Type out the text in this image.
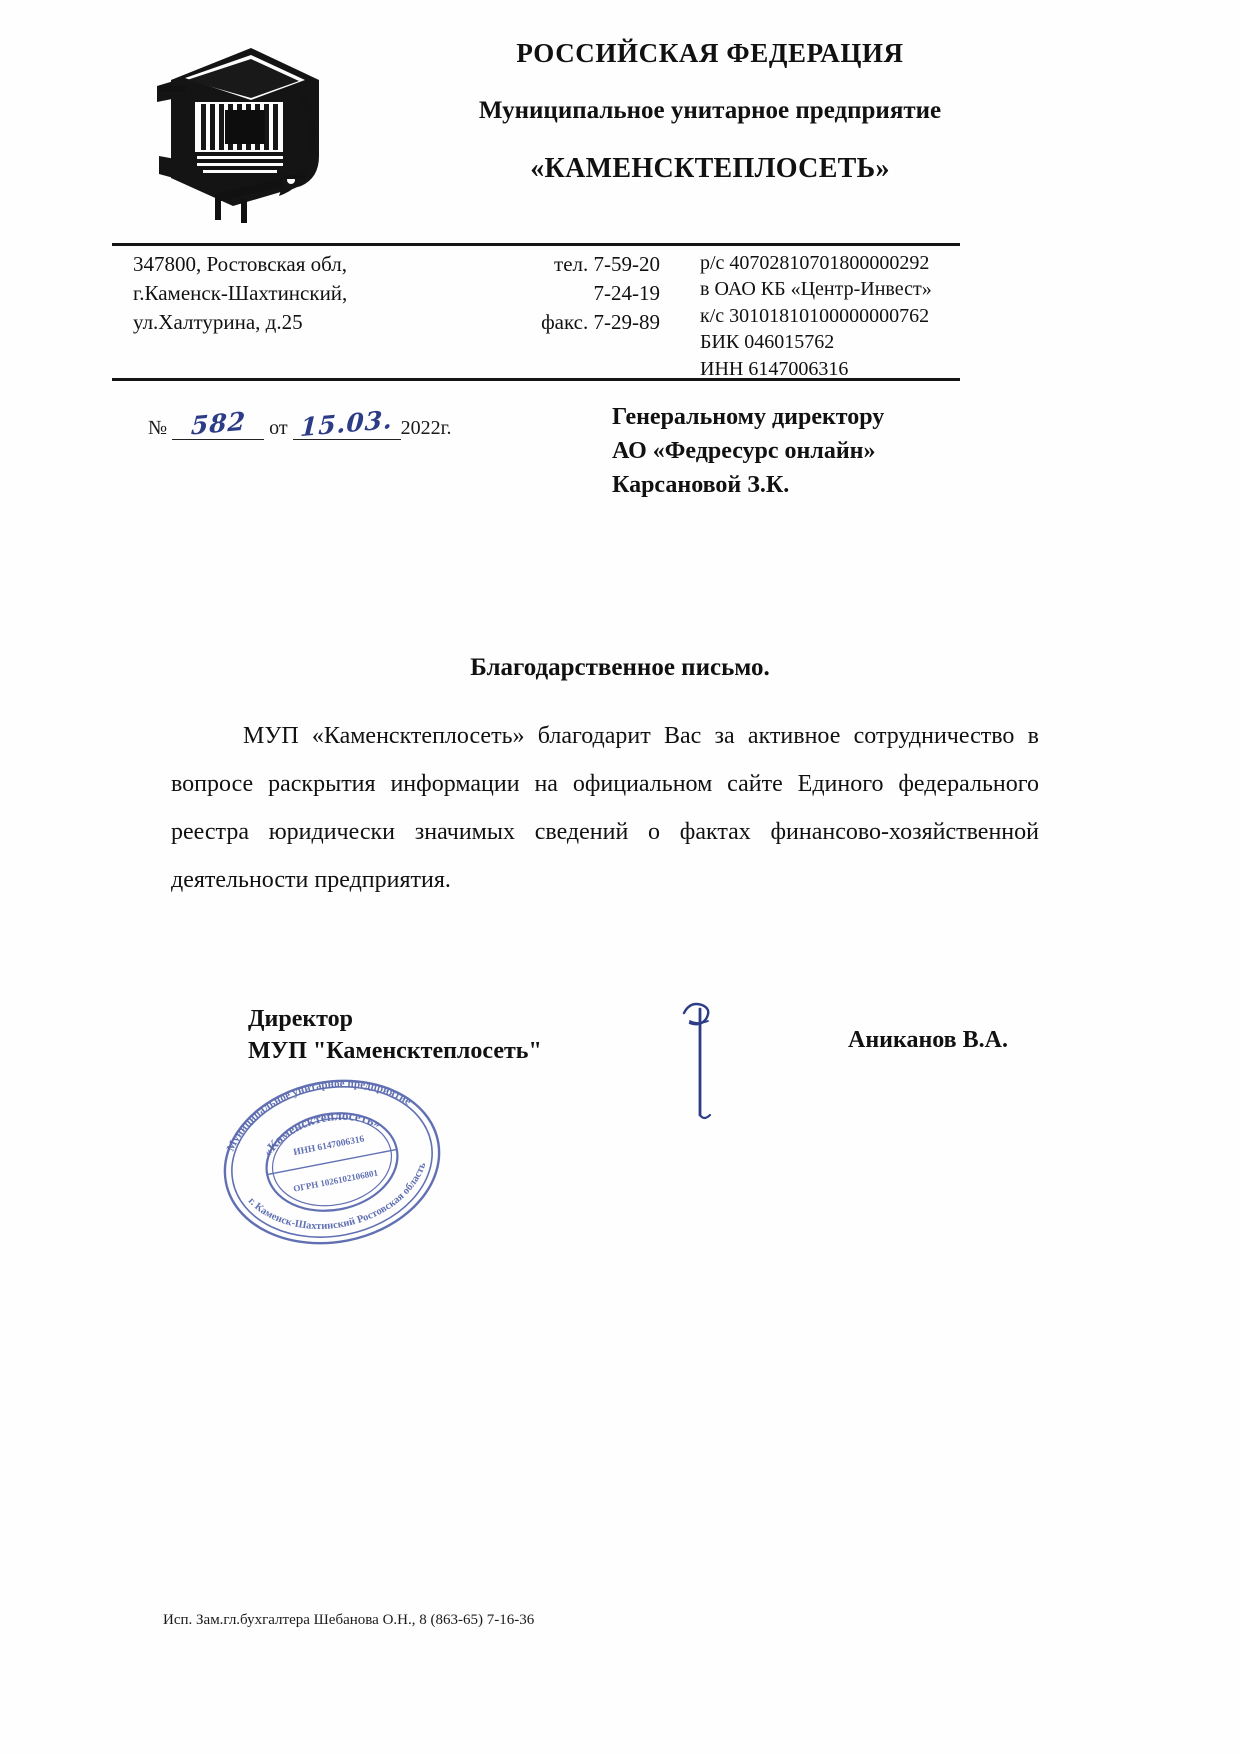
РОССИЙСКАЯ ФЕДЕРАЦИЯ
Муниципальное унитарное предприятие
«КАМЕНСКТЕПЛОСЕТЬ»
347800, Ростовская обл,
г.Каменск-Шахтинский,
ул.Халтурина, д.25
тел. 7-59-20
7-24-19
факс. 7-29-89
р/с 40702810701800000292
в ОАО КБ «Центр-Инвест»
к/с 30101810100000000762
БИК 046015762
ИНН 6147006316
№ 582 от 15.03. 2022г.	Генеральному директору
АО «Федресурс онлайн»
Карсановой З.К.
Благодарственное письмо.
МУП «Каменсктеплосеть» благодарит Вас за активное сотрудничество в вопросе раскрытия информации на официальном сайте Единого федерального реестра юридически значимых сведений о фактах финансово-хозяйственной деятельности предприятия.
Директор
МУП "Каменсктеплосеть"	Аниканов В.А.
Муниципальное унитарное предприятие
г. Каменск-Шахтинский Ростовская область
«Каменсктеплосеть»
ИНН 6147006316
ОГРН 1026102106801
Исп. Зам.гл.бухгалтера Шебанова О.Н., 8 (863-65) 7-16-36
